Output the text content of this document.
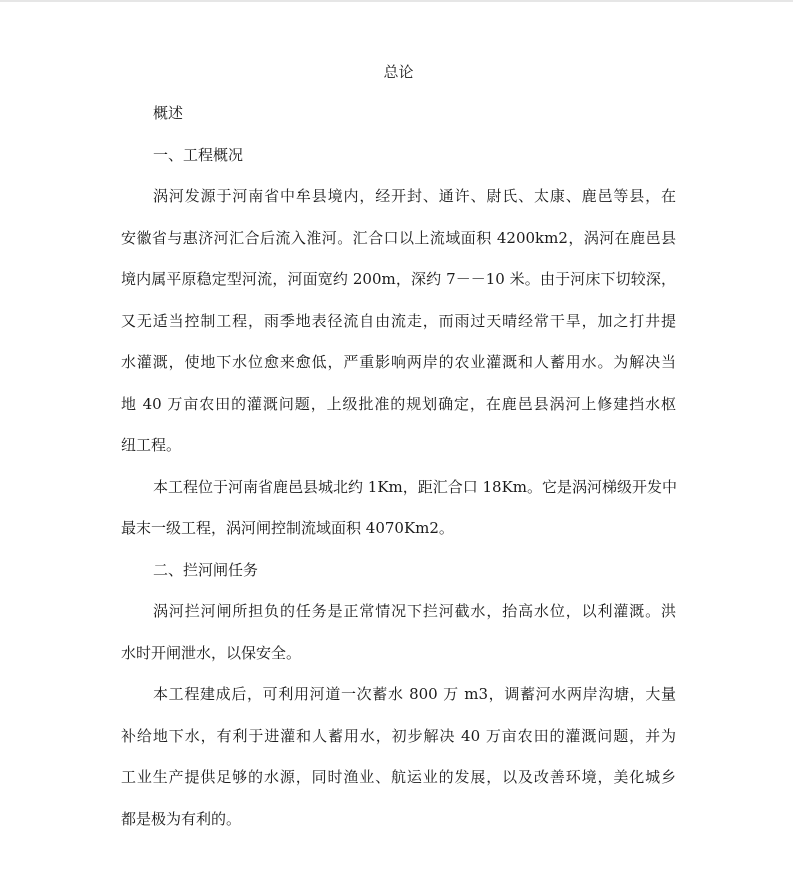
总论

概述

一、工程概况

涡河发源于河南省中牟县境内，经开封、通许、尉氏、太康、鹿邑等县，在

安徽省与惠济河汇合后流入淮河。汇合口以上流域面积 4200km2，涡河在鹿邑县

境内属平原稳定型河流，河面宽约 200m，深约 7－－10 米。由于河床下切较深，

又无适当控制工程，雨季地表径流自由流走，而雨过天晴经常干旱，加之打井提

水灌溉，使地下水位愈来愈低，严重影响两岸的农业灌溉和人蓄用水。为解决当

地 40 万亩农田的灌溉问题，上级批准的规划确定，在鹿邑县涡河上修建挡水枢

纽工程。

本工程位于河南省鹿邑县城北约 1Km，距汇合口 18Km。它是涡河梯级开发中

最末一级工程，涡河闸控制流域面积 4070Km2。

二、拦河闸任务

涡河拦河闸所担负的任务是正常情况下拦河截水，抬高水位，以利灌溉。洪

水时开闸泄水，以保安全。

本工程建成后，可利用河道一次蓄水 800 万 m3，调蓄河水两岸沟塘，大量

补给地下水，有利于进灌和人蓄用水，初步解决 40 万亩农田的灌溉问题，并为

工业生产提供足够的水源，同时渔业、航运业的发展，以及改善环境，美化城乡

都是极为有利的。
